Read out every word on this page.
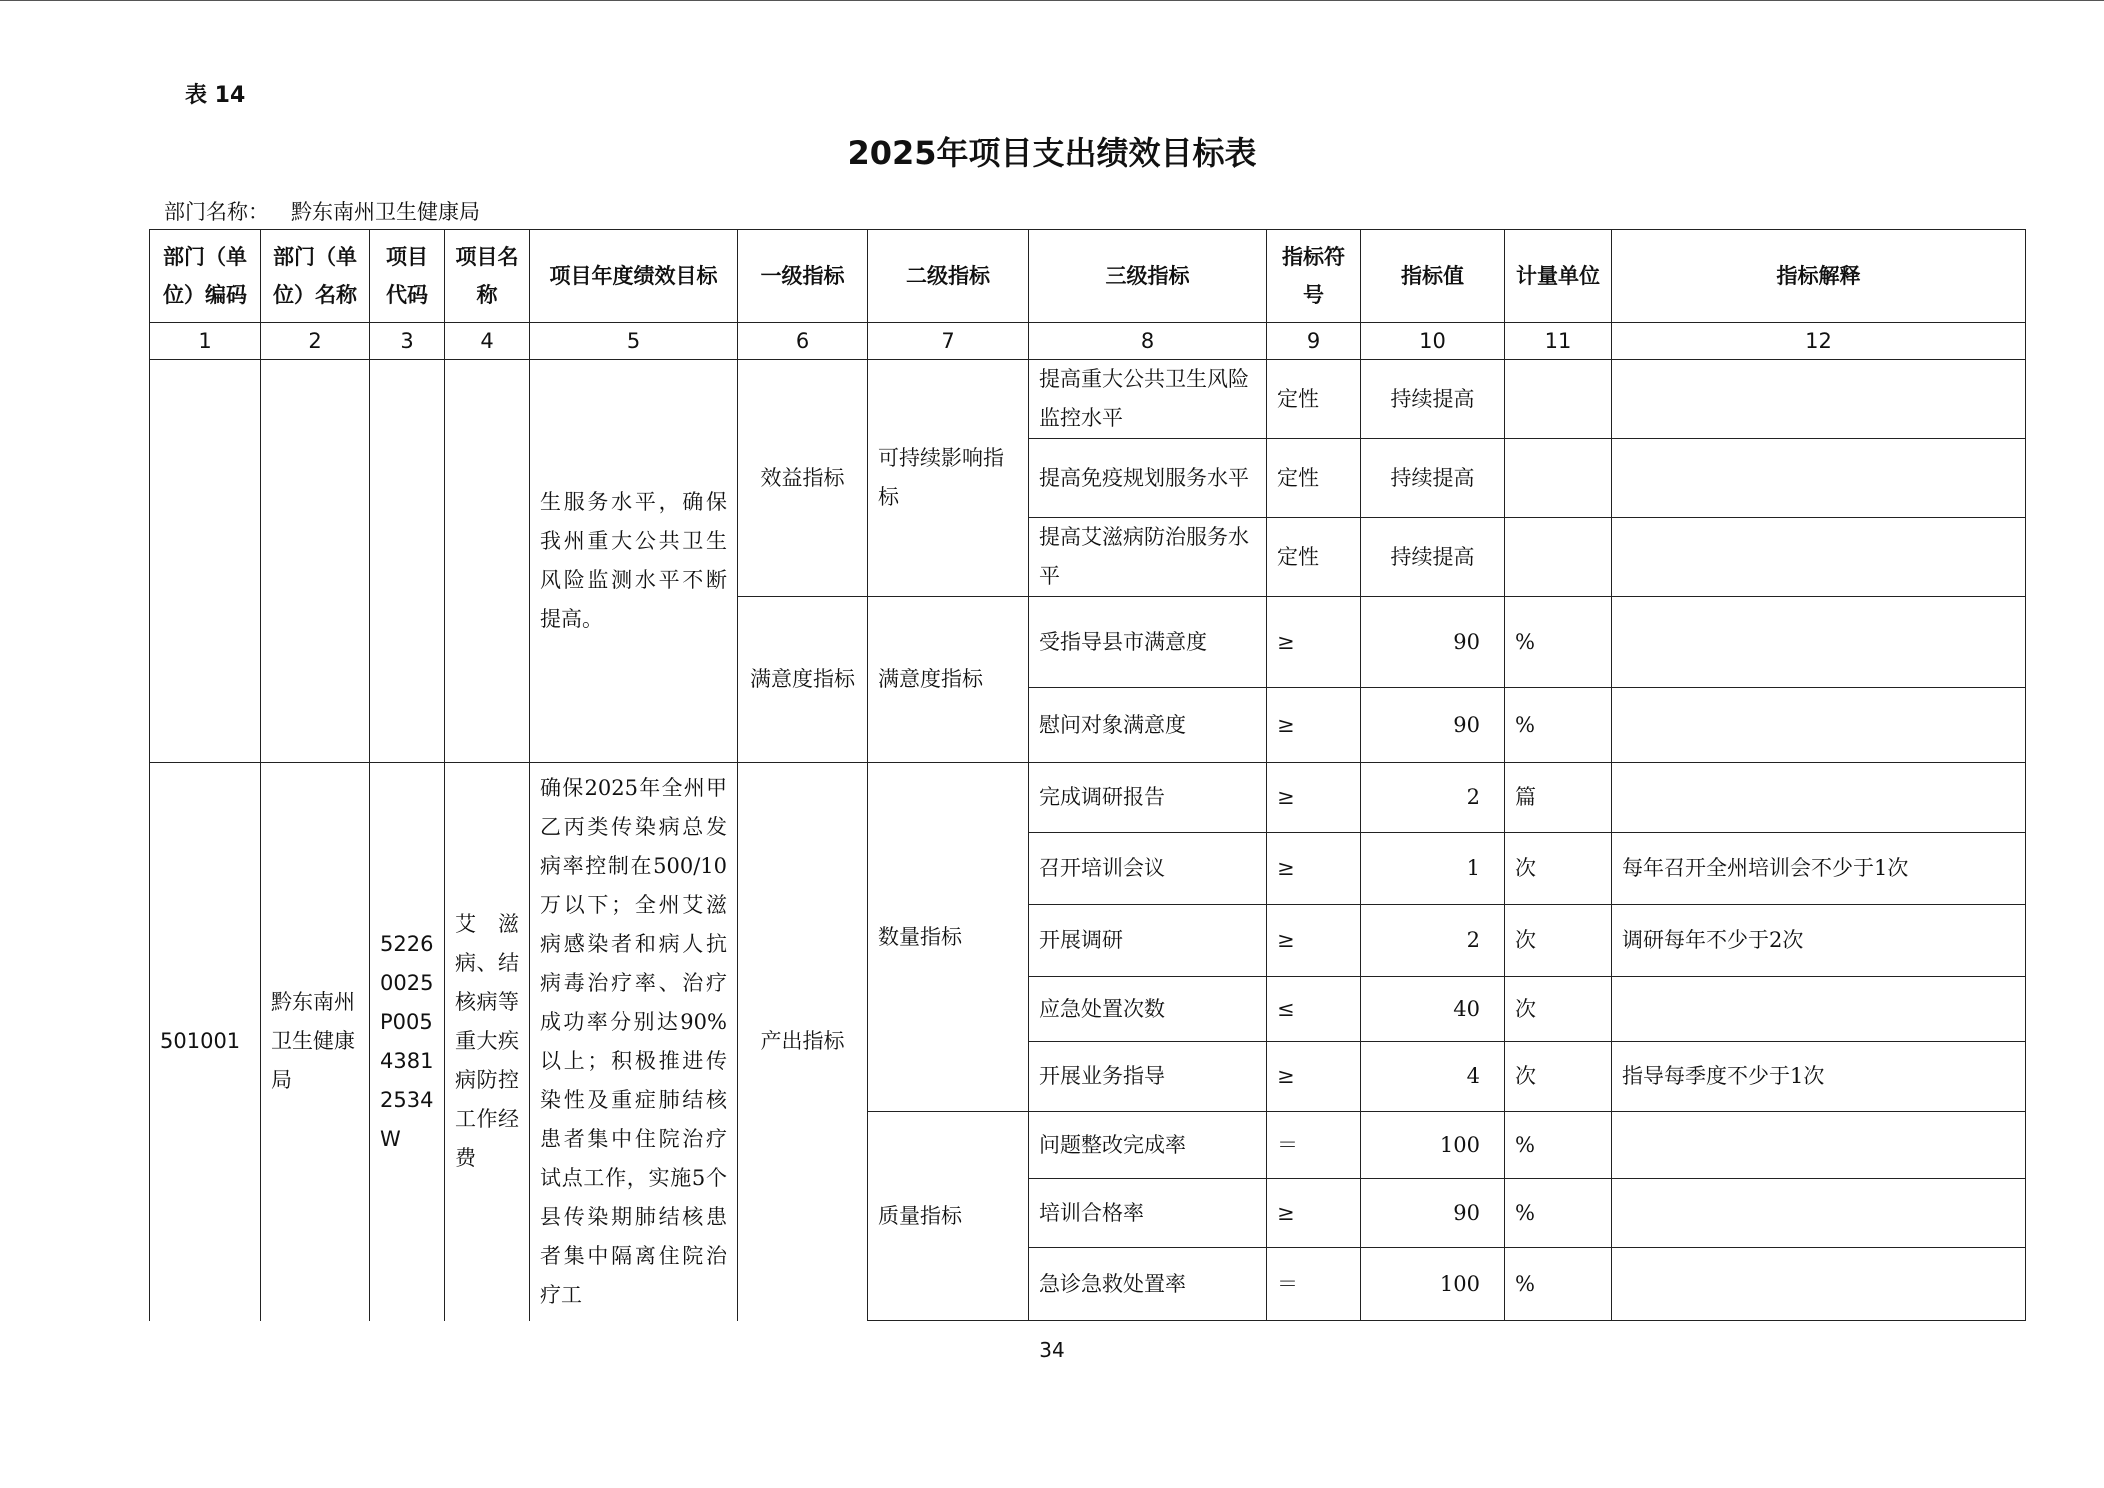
表 14
2025年项目支出绩效目标表
部门名称： 黔东南州卫生健康局
部门（单位）编码	部门（单位）名称	项目代码	项目名称	项目年度绩效目标	一级指标	二级指标	三级指标	指标符号	指标值	计量单位	指标解释
1	2	3	4	5	6	7	8	9	10	11	12
				生服务水平，确保我州重大公共卫生风险监测水平不断提高。	效益指标	可持续影响指标	提高重大公共卫生风险监控水平	定性	持续提高		
							提高免疫规划服务水平	定性	持续提高		
							提高艾滋病防治服务水平	定性	持续提高		
					满意度指标	满意度指标	受指导县市满意度	≥	90	%	
							慰问对象满意度	≥	90	%	
501001	黔东南州卫生健康局	52260025P00543812534W	艾滋病、结核病等重大疾病防控工作经费	确保2025年全州甲乙丙类传染病总发病率控制在500/10万以下；全州艾滋病感染者和病人抗病毒治疗率、治疗成功率分别达90%以上；积极推进传染性及重症肺结核患者集中住院治疗试点工作，实施5个县传染期肺结核患者集中隔离住院治疗工	产出指标	数量指标	完成调研报告	≥	2	篇	
							召开培训会议	≥	1	次	每年召开全州培训会不少于1次
							开展调研	≥	2	次	调研每年不少于2次
							应急处置次数	≤	40	次	
							开展业务指导	≥	4	次	指导每季度不少于1次
						质量指标	问题整改完成率	＝	100	%	
							培训合格率	≥	90	%	
							急诊急救处置率	＝	100	%	
34
